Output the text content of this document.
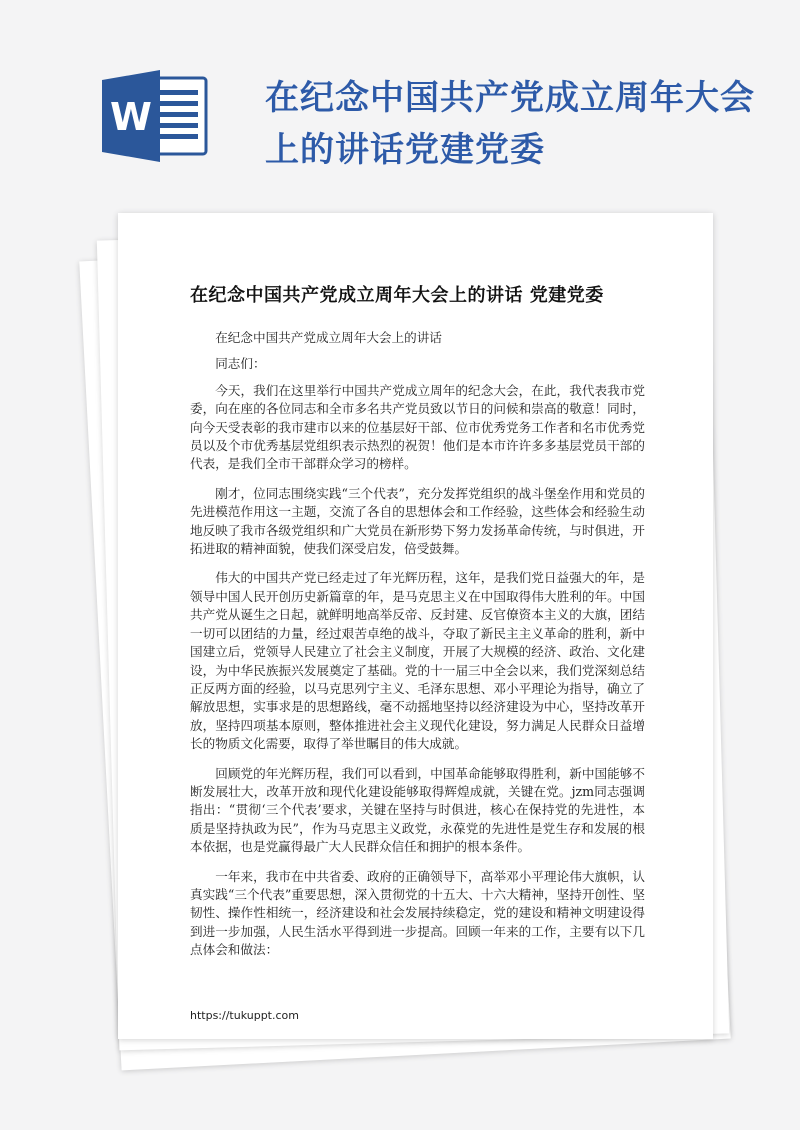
W	在纪念中国共产党成立周年大会上的讲话党建党委
在纪念中国共产党成立周年大会上的讲话 党建党委

在纪念中国共产党成立周年大会上的讲话

同志们：

今天，我们在这里举行中国共产党成立周年的纪念大会，在此，我代表我市党委，向在座的各位同志和全市多名共产党员致以节日的问候和崇高的敬意！同时，向今天受表彰的我市建市以来的位基层好干部、位市优秀党务工作者和名市优秀党员以及个市优秀基层党组织表示热烈的祝贺！他们是本市许许多多基层党员干部的代表，是我们全市干部群众学习的榜样。

刚才，位同志围绕实践“三个代表”，充分发挥党组织的战斗堡垒作用和党员的先进模范作用这一主题，交流了各自的思想体会和工作经验，这些体会和经验生动地反映了我市各级党组织和广大党员在新形势下努力发扬革命传统，与时俱进，开拓进取的精神面貌，使我们深受启发，倍受鼓舞。

伟大的中国共产党已经走过了年光辉历程，这年，是我们党日益强大的年，是领导中国人民开创历史新篇章的年，是马克思主义在中国取得伟大胜利的年。中国共产党从诞生之日起，就鲜明地高举反帝、反封建、反官僚资本主义的大旗，团结一切可以团结的力量，经过艰苦卓绝的战斗，夺取了新民主主义革命的胜利，新中国建立后，党领导人民建立了社会主义制度，开展了大规模的经济、政治、文化建设，为中华民族振兴发展奠定了基础。党的十一届三中全会以来，我们党深刻总结正反两方面的经验，以马克思列宁主义、毛泽东思想、邓小平理论为指导，确立了解放思想，实事求是的思想路线，毫不动摇地坚持以经济建设为中心，坚持改革开放，坚持四项基本原则，整体推进社会主义现代化建设，努力满足人民群众日益增长的物质文化需要，取得了举世瞩目的伟大成就。

回顾党的年光辉历程，我们可以看到，中国革命能够取得胜利，新中国能够不断发展壮大，改革开放和现代化建设能够取得辉煌成就，关键在党。jzm同志强调指出：“贯彻‘三个代表’要求，关键在坚持与时俱进，核心在保持党的先进性，本质是坚持执政为民”，作为马克思主义政党，永葆党的先进性是党生存和发展的根本依据，也是党赢得最广大人民群众信任和拥护的根本条件。

一年来，我市在中共省委、政府的正确领导下，高举邓小平理论伟大旗帜，认真实践“三个代表”重要思想，深入贯彻党的十五大、十六大精神，坚持开创性、坚韧性、操作性相统一，经济建设和社会发展持续稳定，党的建设和精神文明建设得到进一步加强，人民生活水平得到进一步提高。回顾一年来的工作，主要有以下几点体会和做法：

https://tukuppt.com
